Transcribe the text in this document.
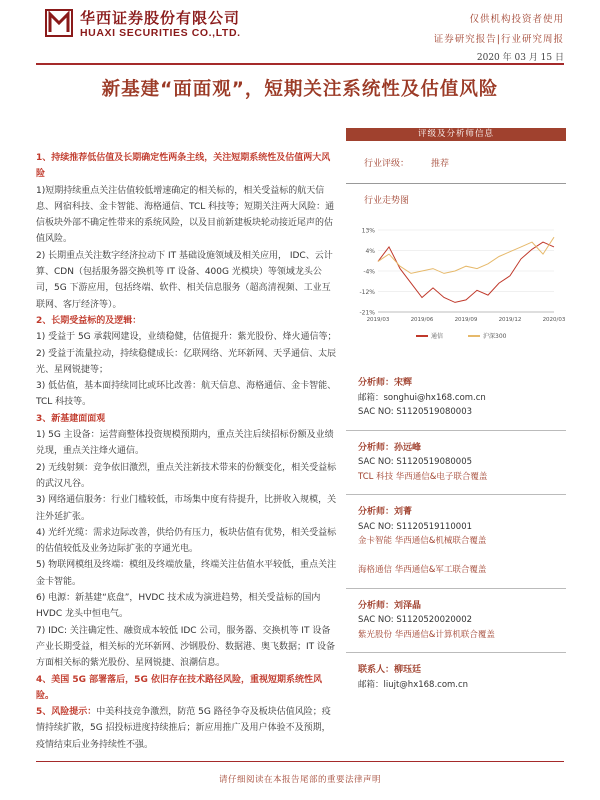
华西证券股份有限公司
HUAXI SECURITIES CO.,LTD.
仅供机构投资者使用
证券研究报告|行业研究周报
2020 年 03 月 15 日
新基建“面面观”，短期关注系统性及估值风险

1、持续推荐低估值及长期确定性两条主线，关注短期系统性及估值两大风险

1)短期持续重点关注估值较低增速确定的相关标的，相关受益标的航天信息、网宿科技、金卡智能、海格通信、TCL 科技等；短期关注两大风险：通信板块外部不确定性带来的系统风险，以及目前新建板块轮动接近尾声的估值风险。

2) 长期重点关注数字经济拉动下 IT 基础设施领域及相关应用， IDC、云计算、CDN（包括服务器交换机等 IT 设备、400G 光模块）等领域龙头公司，5G 下游应用，包括终端、软件、相关信息服务（超高清视频、工业互联网、客厅经济等）。

2、长期受益标的及逻辑：

1) 受益于 5G 承载网建设，业绩稳健，估值提升：紫光股份、烽火通信等；

2) 受益于流量拉动，持续稳健成长：亿联网络、光环新网、天孚通信、太辰光、星网锐捷等；

3) 低估值，基本面持续同比或环比改善：航天信息、海格通信、金卡智能、TCL 科技等。

3、新基建面面观

1) 5G 主设备：运营商整体投资规模预期内，重点关注后续招标份额及业绩兑现，重点关注烽火通信。

2) 无线射频：竞争依旧激烈，重点关注新技术带来的份额变化，相关受益标的武汉凡谷。

3) 网络通信服务：行业门槛较低，市场集中度有待提升，比拼收入规模，关注外延扩张。

4) 光纤光缆：需求边际改善，供给仍有压力，板块估值有优势，相关受益标的估值较低及业务边际扩张的亨通光电。

5) 物联网模组及终端：模组及终端放量，终端关注估值水平较低，重点关注金卡智能。

6) 电源：新基建“底盘”，HVDC 技术成为演进趋势，相关受益标的国内 HVDC 龙头中恒电气。

7) IDC: 关注确定性、融资成本较低 IDC 公司，服务器、交换机等 IT 设备产业长期受益，相关标的光环新网、沙钢股份、数据港、奥飞数据；IT 设备方面相关标的紫光股份、星网锐捷、浪潮信息。

4、美国 5G 部署落后，5G 依旧存在技术路径风险，重视短期系统性风险。

5、风险提示：中美科技竞争激烈，防范 5G 路径争夺及板块估值风险；疫情持续扩散，5G 招投标进度持续推后；新应用推广及用户体验不及预期，疫情结束后业务持续性不强。

评级及分析师信息
行业评级： 推荐
行业走势图
13%
4%
-4%
-12%
-21%
2019/03	2019/06	2019/09	2019/12	2020/03
通信	沪深300
分析师：宋辉
邮箱：songhui@hx168.com.cn
SAC NO: S1120519080003
分析师：孙远峰
SAC NO: S1120519080005
TCL 科技 华西通信&电子联合覆盖
分析师：刘菁
SAC NO: S1120519110001
金卡智能 华西通信&机械联合覆盖

海格通信 华西通信&军工联合覆盖
分析师：刘泽晶
SAC NO: S1120520020002
紫光股份 华西通信&计算机联合覆盖
联系人：柳珏廷
邮箱：liujt@hx168.com.cn
请仔细阅读在本报告尾部的重要法律声明
